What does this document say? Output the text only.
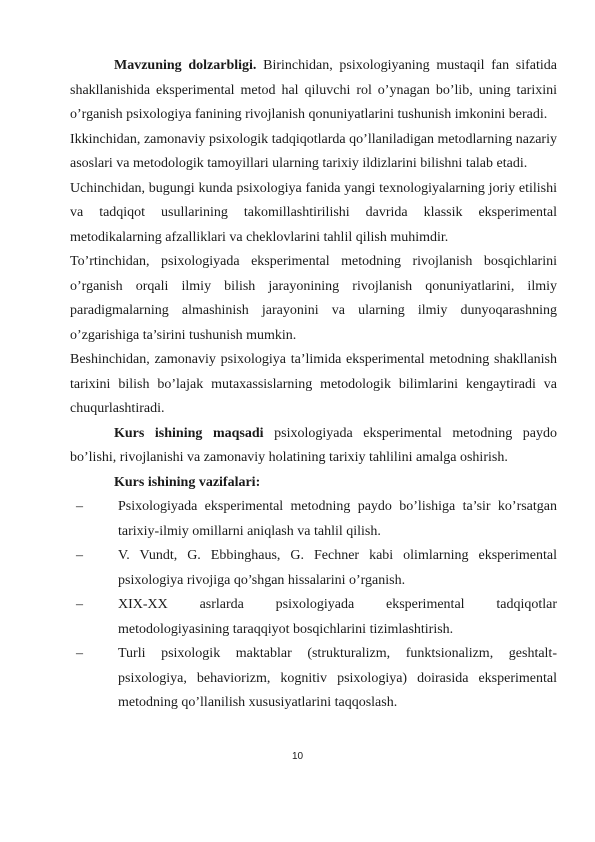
Mavzuning dolzarbligi. Birinchidan, psixologiyaning mustaqil fan sifatida shakllanishida eksperimental metod hal qiluvchi rol o’ynagan bo’lib, uning tarixini o’rganish psixologiya fanining rivojlanish qonuniyatlarini tushunish imkonini beradi.

Ikkinchidan, zamonaviy psixologik tadqiqotlarda qo’llaniladigan metodlarning nazariy asoslari va metodologik tamoyillari ularning tarixiy ildizlarini bilishni talab etadi.

Uchinchidan, bugungi kunda psixologiya fanida yangi texnologiyalarning joriy etilishi va tadqiqot usullarining takomillashtirilishi davrida klassik eksperimental metodikalarning afzalliklari va cheklovlarini tahlil qilish muhimdir.

To’rtinchidan, psixologiyada eksperimental metodning rivojlanish bosqichlarini o’rganish orqali ilmiy bilish jarayonining rivojlanish qonuniyatlarini, ilmiy paradigmalarning almashinish jarayonini va ularning ilmiy dunyoqarashning o’zgarishiga ta’sirini tushunish mumkin.

Beshinchidan, zamonaviy psixologiya ta’limida eksperimental metodning shakllanish tarixini bilish bo’lajak mutaxassislarning metodologik bilimlarini kengaytiradi va chuqurlashtiradi.

Kurs ishining maqsadi psixologiyada eksperimental metodning paydo bo’lishi, rivojlanishi va zamonaviy holatining tarixiy tahlilini amalga oshirish.

Kurs ishining vazifalari:
–	Psixologiyada eksperimental metodning paydo bo’lishiga ta’sir ko’rsatgan tarixiy-ilmiy omillarni aniqlash va tahlil qilish.
–	V. Vundt, G. Ebbinghaus, G. Fechner kabi olimlarning eksperimental psixologiya rivojiga qo’shgan hissalarini o’rganish.
–	XIX-XX asrlarda psixologiyada eksperimental tadqiqotlar metodologiyasining taraqqiyot bosqichlarini tizimlashtirish.
–	Turli psixologik maktablar (strukturalizm, funktsionalizm, geshtalt-psixologiya, behaviorizm, kognitiv psixologiya) doirasida eksperimental metodning qo’llanilish xususiyatlarini taqqoslash.
10
